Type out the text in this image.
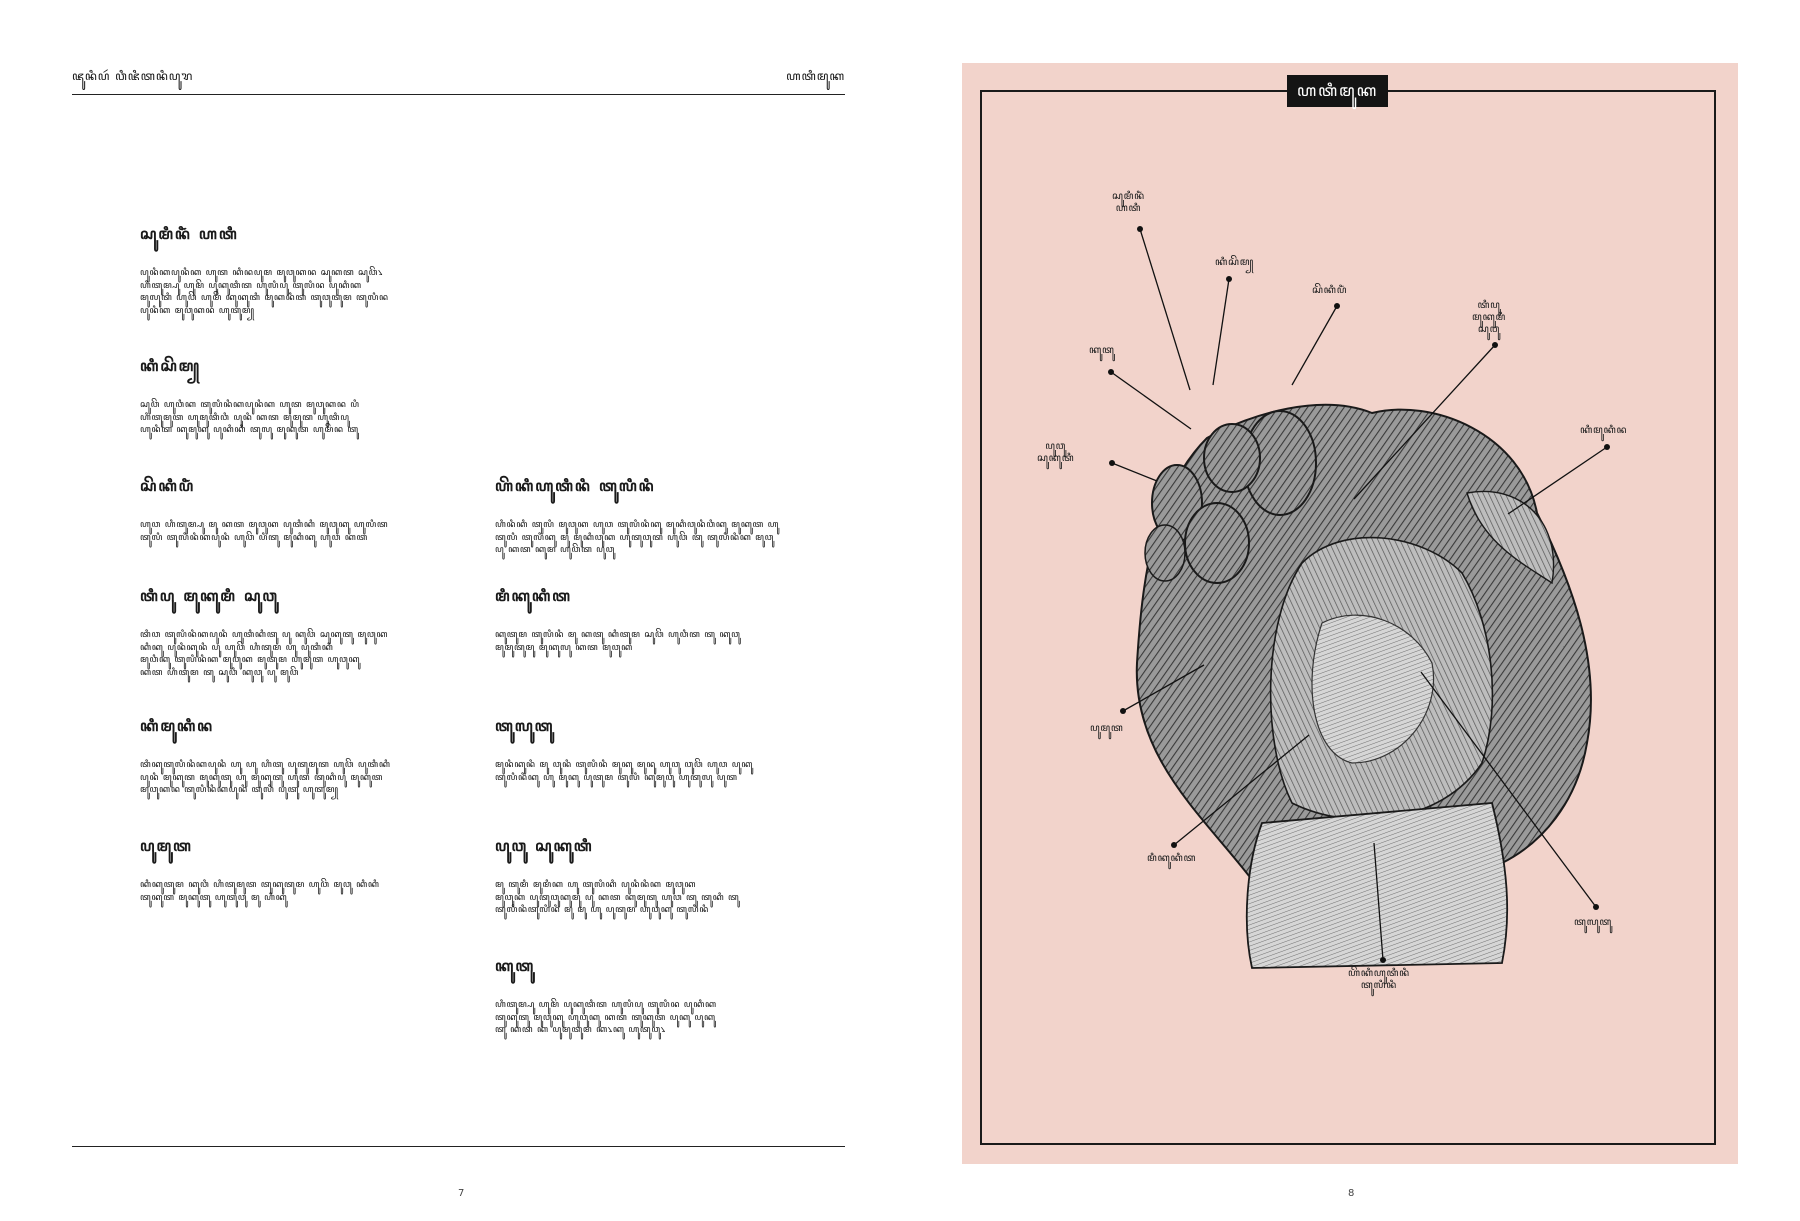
ꦗꦸꦤꦶꦥꦂ ꦮꦶꦗꦶꦠꦤꦶꦥꦸꦫ	ꦲꦠꦶꦩꦸꦏ
ꦱꦸꦩꦶꦤꦶꦁ ꦲꦠꦶ

ꦥꦸꦤꦶꦏꦥꦸꦤꦶꦏ ꦲꦸꦠ ꦏꦶꦤꦥꦸꦩ ꦩꦸꦮꦸꦏꦤ ꦱꦸꦏꦠ ꦱꦸꦮꦼ꧈
ꦲꦶꦠꦸꦩ꧀ꦥꦸ ꦲꦸꦩꦼ ꦥꦸꦏꦸꦠꦶꦠ ꦲꦸꦭꦶꦥꦸ ꦠꦸꦭꦶꦤ ꦥꦸꦏꦶꦏ
ꦩꦸꦭꦸꦠꦶ ꦲꦸꦮꦼ ꦲꦸꦩꦼ ꦏꦸꦏꦸꦠꦶ ꦩꦸꦏꦤꦶꦠ ꦠꦸꦮꦸꦠꦸꦩ ꦠꦸꦭꦶꦤ
ꦥꦸꦤꦶꦏ ꦩꦸꦮꦸꦏꦤ ꦲꦸꦠꦸꦩ꧀

ꦏꦶꦱꦼꦩ꧀

ꦱꦸꦮꦼ ꦲꦸꦮꦶꦏ ꦠꦸꦭꦶꦤꦶꦏꦥꦸꦤꦶꦏ ꦲꦸꦠ ꦩꦸꦮꦸꦏꦤ ꦥꦶ
ꦲꦶꦠꦸꦩꦸꦠ ꦲꦸꦩꦸꦠꦶꦮꦶ ꦥꦸꦤꦶ ꦏꦠ ꦩꦸꦩꦸꦠ ꦲꦸꦠꦶꦥꦸ
ꦲꦸꦤꦶꦠ ꦏꦸꦩꦸꦏꦸ ꦥꦸꦏꦶꦏꦶ ꦠꦸꦭꦸ ꦩꦸꦏꦸꦠ ꦲꦸꦩꦼꦤ ꦠꦸ

ꦱꦼꦏꦶꦥꦶꦁ

ꦲꦸꦮ ꦲꦶꦠꦸꦩ꧀ꦥꦸ ꦩꦸ ꦏꦠ ꦩꦸꦮꦸꦏ ꦥꦸꦠꦶꦏꦶ ꦩꦸꦮꦸꦏꦸ ꦲꦸꦭꦶꦠ
ꦠꦸꦭꦶ ꦠꦸꦭꦶꦤꦶꦏꦥꦸꦤꦶ ꦲꦸꦮꦼ ꦥꦶꦠꦸ ꦩꦸꦏꦶꦏꦸ ꦲꦸꦮ ꦏꦠ

ꦠꦶꦥꦸ ꦩꦸꦏꦸꦩꦶ ꦱꦸꦮꦸ

ꦠꦶꦮ ꦠꦸꦭꦶꦤꦶꦏꦥꦸꦤꦶ ꦲꦸꦠꦶꦏꦶꦠꦸ ꦥꦸ ꦏꦸꦮꦼ ꦱꦸꦏꦸꦠꦸ ꦩꦸꦮꦸꦏ
ꦏꦶꦏꦸ ꦥꦸꦤꦶꦏꦸꦤꦶ ꦥꦸ ꦲꦸꦮꦼ ꦲꦶꦠꦸꦩ ꦲꦸ ꦥꦸꦠꦶꦏꦶ
ꦩꦸꦮꦶꦏꦸ ꦠꦸꦭꦶꦤꦶꦏ ꦩꦸꦮꦸꦏ ꦩꦸꦠꦸꦩ ꦲꦸꦩꦸꦠ ꦲꦸꦮꦸꦏꦸ
ꦏꦠ ꦲꦶꦠꦸꦩ ꦠꦸ ꦱꦸꦮꦶ ꦏꦸꦮꦸ ꦥꦸ ꦩꦸꦮꦼ

ꦏꦶꦩꦸꦏꦶꦤ

ꦠꦶꦏꦸꦠꦸꦭꦶꦤꦶꦏꦥꦸꦤꦶ ꦲꦸ ꦲꦸ ꦲꦶꦠꦸ ꦥꦸꦠꦸꦩꦸꦠ ꦲꦸꦮꦼ ꦥꦸꦠꦶꦏꦶ
ꦥꦸꦤꦶ ꦩꦸꦏꦸꦠ ꦩꦸꦏꦸꦠꦸ ꦲꦸ ꦩꦸꦏꦸꦠꦸ ꦲꦸꦠ ꦠꦸꦏꦶꦥꦸ ꦩꦸꦏꦸꦠ
ꦩꦸꦮꦸꦏꦤ ꦠꦸꦭꦶꦤꦶꦏꦥꦸꦤꦶ ꦠꦸꦭꦶ ꦥꦸꦠꦸ ꦲꦸꦠꦸꦩ꧀

ꦥꦸꦩꦸꦠ

ꦏꦶꦏꦸꦠꦸꦩ ꦏꦸꦮꦶ ꦲꦶꦠꦸꦩꦸꦠ ꦠꦸꦏꦸꦠꦸꦩ ꦲꦸꦮꦼ ꦩꦸꦮꦸ ꦏꦶꦏꦶ
ꦠꦸꦏꦸꦠ ꦩꦸꦏꦸꦠꦸ ꦲꦸꦠꦸꦮꦸ ꦩꦸ ꦲꦶꦏꦸ

ꦲꦼꦏꦶꦲꦸꦠꦶꦤꦶ ꦠꦸꦭꦶꦤꦶ

ꦲꦶꦤꦶꦏꦶ ꦠꦸꦭꦶ ꦩꦸꦮꦸꦏ ꦲꦸꦮ ꦠꦸꦭꦶꦤꦶꦏꦸ ꦩꦸꦏꦶꦮꦸꦤꦶꦮꦶꦏꦸ ꦩꦸꦏꦸꦠ ꦲꦸ
ꦠꦸꦭꦶ ꦠꦸꦭꦶꦏꦸ ꦩꦸ ꦩꦸꦏꦶꦮꦸꦏ ꦲꦸꦠꦸꦮꦸꦠ ꦲꦸꦮꦼ ꦠꦸ ꦠꦸꦭꦶꦤꦶꦏ ꦩꦸꦮꦸ
ꦥꦸ ꦏꦠ ꦏꦸꦩ ꦲꦸꦮꦼꦠ ꦥꦸꦮꦸ

ꦩꦶꦏꦸꦏꦶꦠ

ꦏꦸꦠꦸꦩ ꦠꦸꦭꦶꦤꦶ ꦩꦸ ꦏꦠꦸ ꦏꦶꦠꦸꦩ ꦱꦸꦮꦼ ꦲꦸꦮꦶꦠ ꦠꦸ ꦏꦸꦮꦸ
ꦩꦸꦩꦸꦠꦸꦩꦸ ꦩꦸꦏꦸꦭꦸ ꦏꦠ ꦩꦸꦮꦸꦏ

ꦠꦸꦭꦸꦠꦸ

ꦩꦸꦤꦶꦏꦸꦤꦶ ꦩꦸ ꦮꦸꦤꦶ ꦠꦸꦭꦶꦤꦶ ꦩꦸꦏꦸ ꦩꦸꦤꦸ ꦲꦸꦮꦸ ꦮꦸꦮꦼ ꦲꦸꦮ ꦥꦸꦏꦸ
ꦠꦸꦭꦶꦤꦶꦏꦸ ꦲꦸ ꦩꦸꦏꦸ ꦥꦸꦠꦸꦩ ꦠꦸꦭꦶ ꦏꦸꦩꦸꦮꦸ ꦲꦸꦠꦸꦭꦸ ꦥꦸꦠ

ꦥꦸꦮꦸ ꦱꦸꦏꦸꦠꦶ

ꦩꦸ ꦠꦸꦩꦶ ꦩꦸꦩꦶꦏ ꦲꦸ ꦠꦸꦭꦶꦏꦶ ꦥꦸꦤꦶꦤꦶꦏ ꦩꦸꦮꦸꦏ
ꦩꦸꦮꦸꦏ ꦥꦸꦠꦸꦮꦸꦏꦸꦩꦸ ꦥꦸ ꦏꦠ ꦏꦸꦩꦸꦠꦸ ꦲꦸꦮ ꦠꦸ ꦠꦸꦏꦶ ꦠꦸ
ꦠꦸꦭꦶꦤꦶꦠꦸꦭꦶꦤꦶ ꦩꦸ ꦩꦸ ꦲꦸ ꦥꦸꦠꦸꦩ ꦲꦸꦮꦸꦏꦸ ꦠꦸꦭꦶꦤꦶ

ꦏꦸꦠꦸ

ꦲꦶꦠꦸꦩ꧀ꦥꦸ ꦲꦸꦩꦼ ꦥꦸꦏꦸꦠꦶꦠ ꦲꦸꦭꦶꦥꦸ ꦠꦸꦭꦶꦤ ꦥꦸꦏꦶꦏ
ꦠꦸꦏꦸꦠꦸ ꦩꦸꦮꦸꦏꦸ ꦲꦸꦮꦸꦏꦸ ꦏꦠ ꦠꦸꦏꦸꦠ ꦥꦸꦏꦸ ꦥꦸꦏꦸ
ꦠꦸ ꦏꦠ ꦏ ꦥꦸꦩꦸꦠꦸꦩ ꦏ꧈ꦏꦸ ꦲꦸꦠꦸꦮꦸ꧈

7
ꦲꦠꦶꦩꦸꦏ
ꦱꦸꦩꦶꦤꦶꦁ
ꦲꦠꦶ
ꦏꦶꦱꦼꦩ꧀
ꦱꦼꦏꦶꦥꦶꦁ
ꦠꦶꦥꦸ
ꦩꦸꦏꦸꦩꦶ
ꦱꦸꦮꦸ
ꦏꦸꦠꦸ
ꦥꦸꦮꦸ
ꦱꦸꦏꦸꦠꦶ
ꦏꦶꦩꦸꦏꦶꦤ
ꦥꦸꦩꦸꦠ
ꦩꦶꦏꦸꦏꦶꦠ
ꦠꦸꦭꦸꦠꦸ
ꦲꦼꦏꦶꦲꦸꦠꦶꦤꦶ
ꦠꦸꦭꦶꦤꦶ
8
